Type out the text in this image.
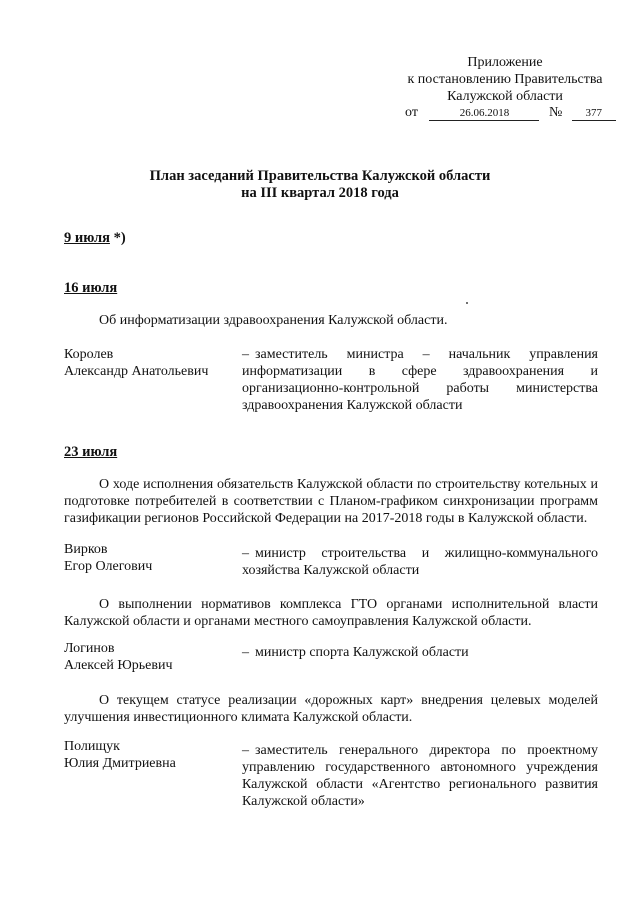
Приложение
к постановлению Правительства
Калужской области
от	26.06.2018	№ 377
План заседаний Правительства Калужской области
на III квартал 2018 года
9 июля *)
16 июля
Об информатизации здравоохранения Калужской области.
Королев
Александр Анатольевич
– заместитель министра – начальник управления информатизации в сфере здравоохранения и организационно-контрольной работы министерства здравоохранения Калужской области
23 июля
О ходе исполнения обязательств Калужской области по строительству котельных и подготовке потребителей в соответствии с Планом-графиком синхронизации программ газификации регионов Российской Федерации на 2017-2018 годы в Калужской области.
Вирков
Егор Олегович
– министр строительства и жилищно-коммунального хозяйства Калужской области
О выполнении нормативов комплекса ГТО органами исполнительной власти Калужской области и органами местного самоуправления Калужской области.
Логинов
Алексей Юрьевич
– министр спорта Калужской области
О текущем статусе реализации «дорожных карт» внедрения целевых моделей улучшения инвестиционного климата Калужской области.
Полищук
Юлия Дмитриевна
– заместитель генерального директора по проектному управлению государственного автономного учреждения Калужской области «Агентство регионального развития Калужской области»
